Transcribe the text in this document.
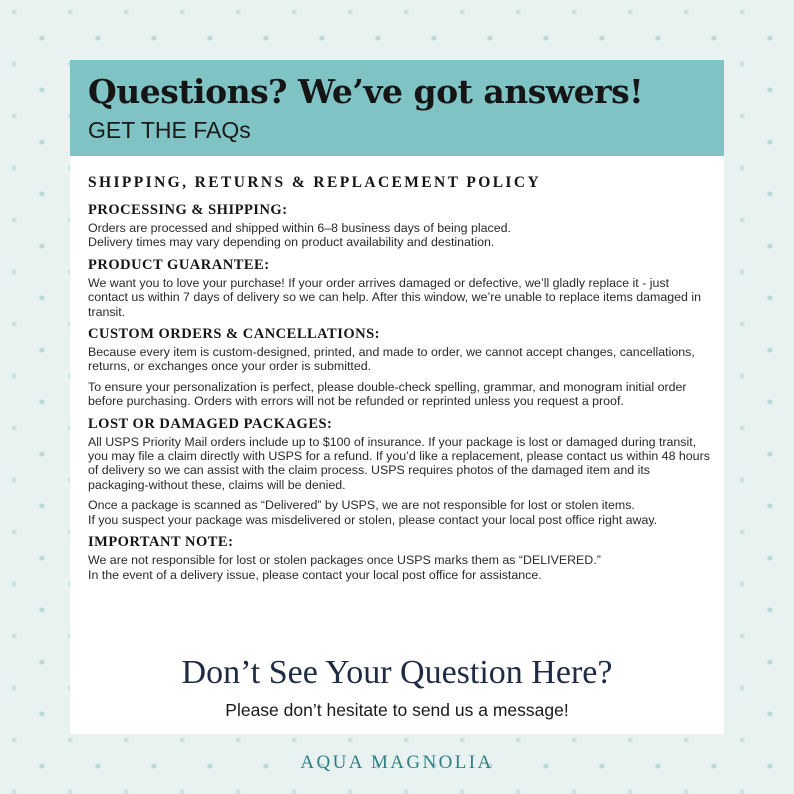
Questions? We’ve got answers!

GET THE FAQs

SHIPPING, RETURNS & REPLACEMENT POLICY
PROCESSING & SHIPPING:

Orders are processed and shipped within 6–8 business days of being placed.
Delivery times may vary depending on product availability and destination.

PRODUCT GUARANTEE:

We want you to love your purchase! If your order arrives damaged or defective, we’ll gladly replace it - just contact us within 7 days of delivery so we can help. After this window, we’re unable to replace items damaged in transit.

CUSTOM ORDERS & CANCELLATIONS:

Because every item is custom-designed, printed, and made to order, we cannot accept changes, cancellations, returns, or exchanges once your order is submitted.

To ensure your personalization is perfect, please double-check spelling, grammar, and monogram initial order before purchasing. Orders with errors will not be refunded or reprinted unless you request a proof.

LOST OR DAMAGED PACKAGES:

All USPS Priority Mail orders include up to $100 of insurance. If your package is lost or damaged during transit, you may file a claim directly with USPS for a refund. If you’d like a replacement, please contact us within 48 hours of delivery so we can assist with the claim process. USPS requires photos of the damaged item and its packaging-without these, claims will be denied.

Once a package is scanned as “Delivered” by USPS, we are not responsible for lost or stolen items.
If you suspect your package was misdelivered or stolen, please contact your local post office right away.

IMPORTANT NOTE:

We are not responsible for lost or stolen packages once USPS marks them as “DELIVERED.”
In the event of a delivery issue, please contact your local post office for assistance.

Don’t See Your Question Here?

Please don’t hesitate to send us a message!

AQUA MAGNOLIA
